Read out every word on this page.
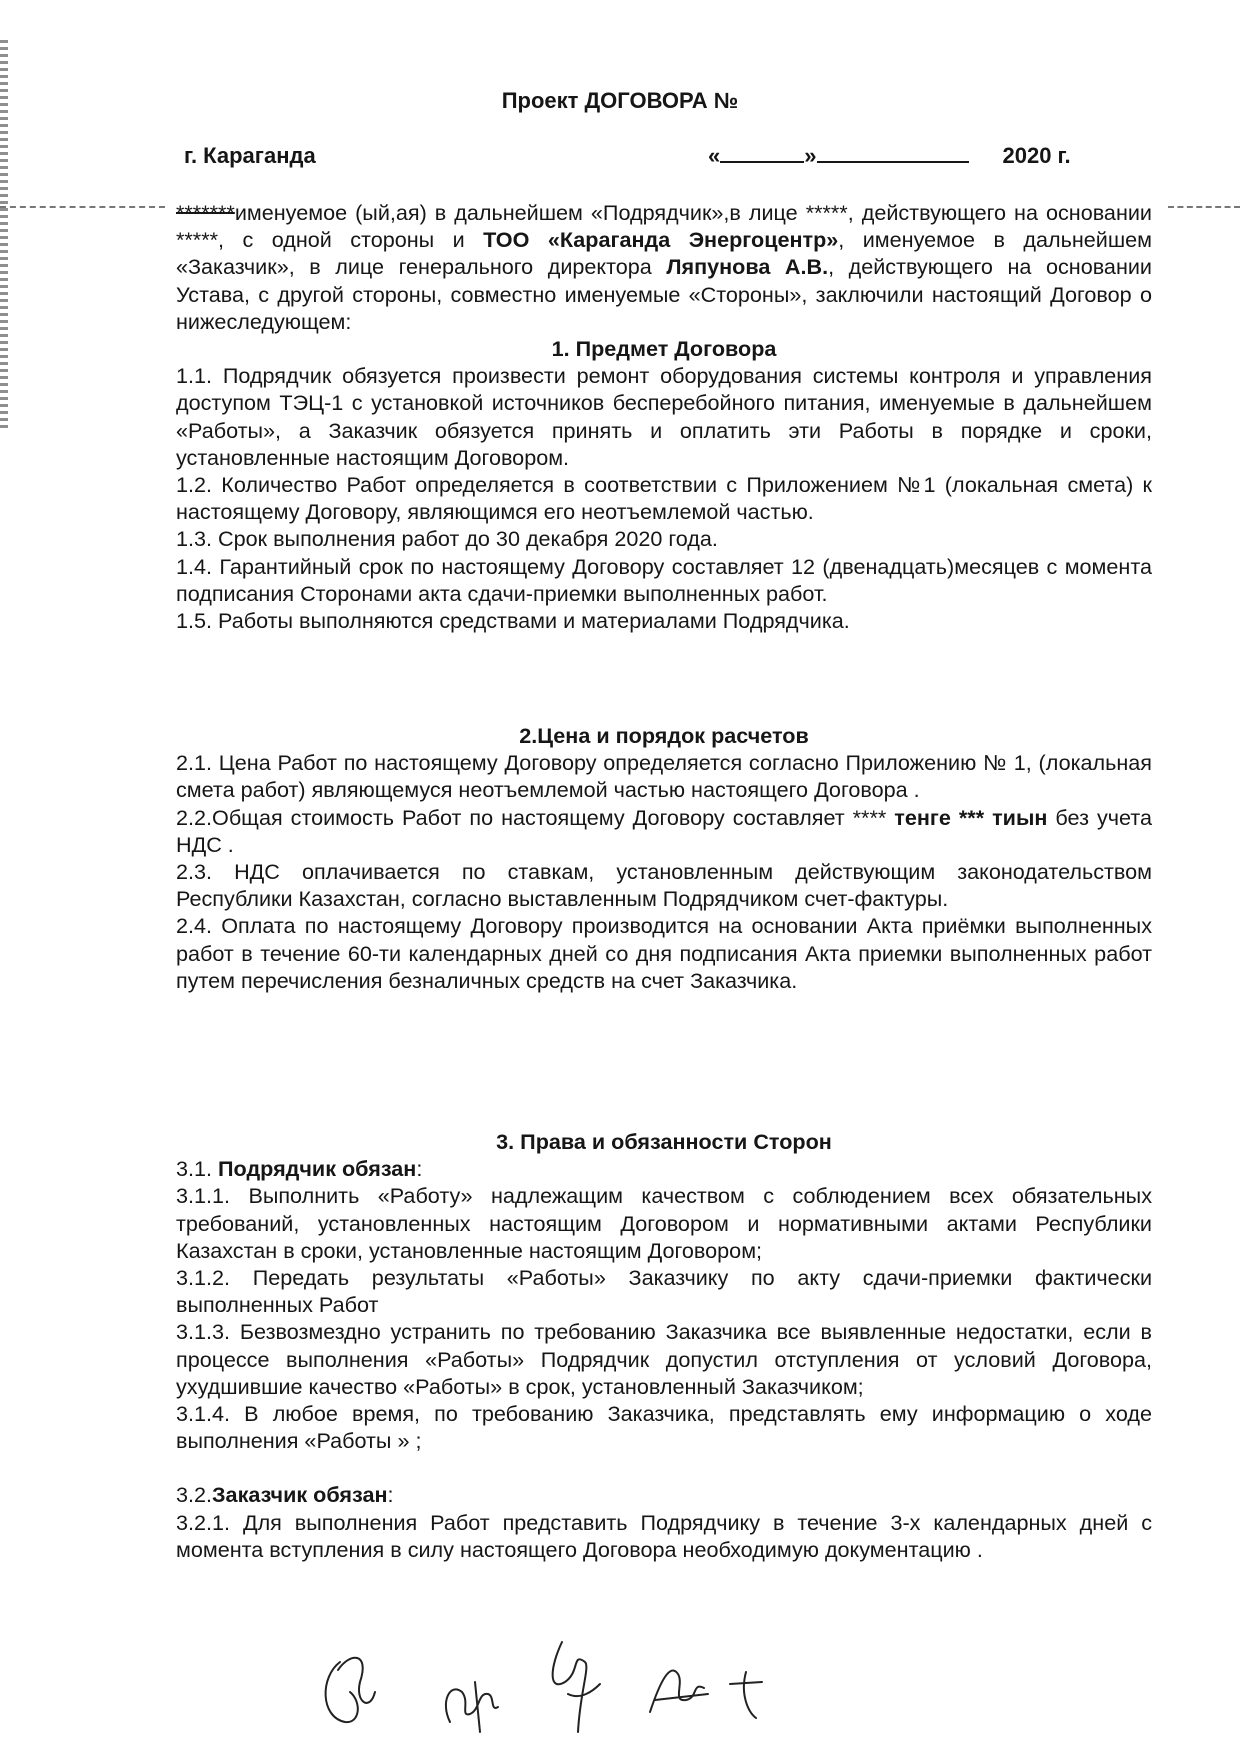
Проект ДОГОВОРА №
г. Караганда	«	»	2020 г.

*******именуемое (ый,ая) в дальнейшем «Подрядчик»,в лице *****, действующего на основании *****, с одной стороны и ТОО «Караганда Энергоцентр», именуемое в дальнейшем «Заказчик», в лице генерального директора Ляпунова А.В., действующего на основании Устава, с другой стороны, совместно именуемые «Стороны», заключили настоящий Договор о нижеследующем:

1. Предмет Договора

1.1. Подрядчик обязуется произвести ремонт оборудования системы контроля и управления доступом ТЭЦ-1 с установкой источников бесперебойного питания, именуемые в дальнейшем «Работы», а Заказчик обязуется принять и оплатить эти Работы в порядке и сроки, установленные настоящим Договором.

1.2. Количество Работ определяется в соответствии с Приложением №1 (локальная смета) к настоящему Договору, являющимся его неотъемлемой частью.

1.3. Срок выполнения работ до 30 декабря 2020 года.

1.4. Гарантийный срок по настоящему Договору составляет 12 (двенадцать)месяцев с момента подписания Сторонами акта сдачи-приемки выполненных работ.

1.5. Работы выполняются средствами и материалами Подрядчика.

2.Цена и порядок расчетов

2.1. Цена Работ по настоящему Договору определяется согласно Приложению № 1, (локальная смета работ) являющемуся неотъемлемой частью настоящего Договора .

2.2.Общая стоимость Работ по настоящему Договору составляет **** тенге *** тиын без учета НДС .

2.3. НДС оплачивается по ставкам, установленным действующим законодательством Республики Казахстан, согласно выставленным Подрядчиком счет-фактуры.

2.4. Оплата по настоящему Договору производится на основании Акта приёмки выполненных работ в течение 60-ти календарных дней со дня подписания Акта приемки выполненных работ путем перечисления безналичных средств на счет Заказчика.

3. Права и обязанности Сторон

3.1. Подрядчик обязан:

3.1.1. Выполнить «Работу» надлежащим качеством с соблюдением всех обязательных требований, установленных настоящим Договором и нормативными актами Республики Казахстан в сроки, установленные настоящим Договором;

3.1.2. Передать результаты «Работы» Заказчику по акту сдачи-приемки фактически выполненных Работ

3.1.3. Безвозмездно устранить по требованию Заказчика все выявленные недостатки, если в процессе выполнения «Работы» Подрядчик допустил отступления от условий Договора, ухудшившие качество «Работы» в срок, установленный Заказчиком;

3.1.4. В любое время, по требованию Заказчика, представлять ему информацию о ходе выполнения «Работы » ;

3.2.Заказчик обязан:

3.2.1. Для выполнения Работ представить Подрядчику в течение 3-х календарных дней с момента вступления в силу настоящего Договора необходимую документацию .
